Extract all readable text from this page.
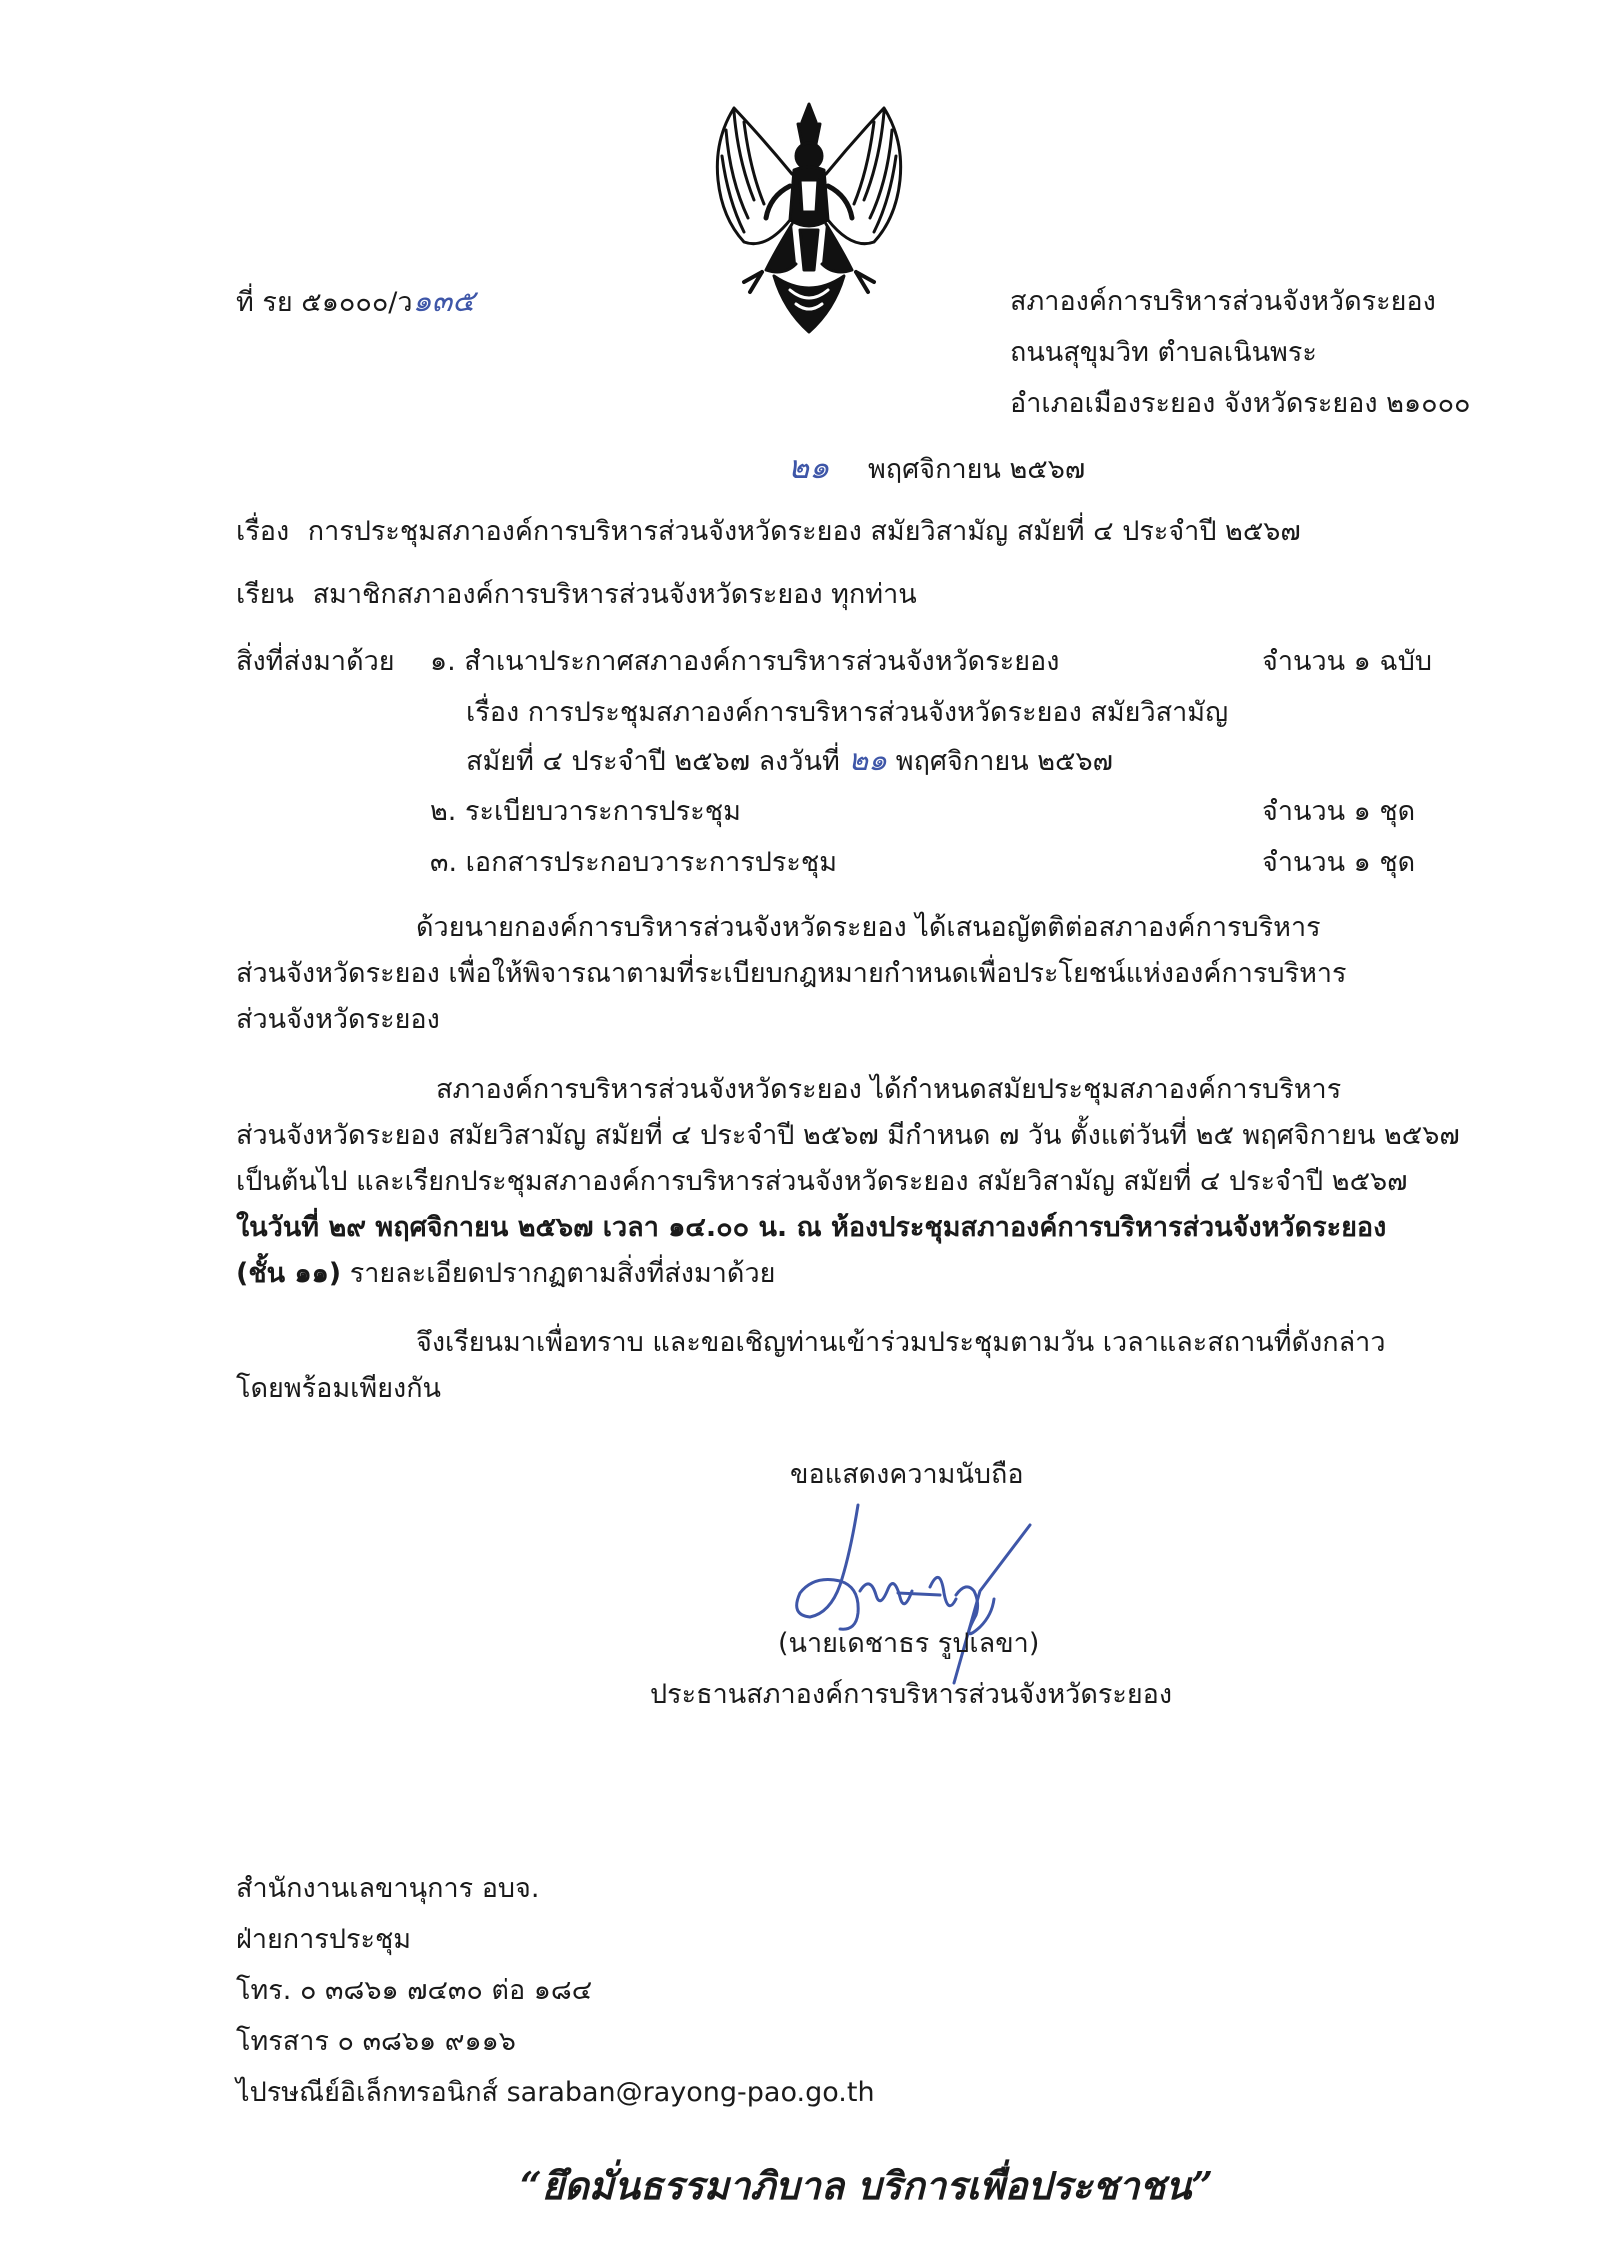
ที่ รย ๕๑๐๐๐/ว๑๓๕	สภาองค์การบริหารส่วนจังหวัดระยอง
ถนนสุขุมวิท ตำบลเนินพระ
อำเภอเมืองระยอง จังหวัดระยอง ๒๑๐๐๐
๒๑ พฤศจิกายน ๒๕๖๗
เรื่อง การประชุมสภาองค์การบริหารส่วนจังหวัดระยอง สมัยวิสามัญ สมัยที่ ๔ ประจำปี ๒๕๖๗
เรียน สมาชิกสภาองค์การบริหารส่วนจังหวัดระยอง ทุกท่าน
สิ่งที่ส่งมาด้วย ๑. สำเนาประกาศสภาองค์การบริหารส่วนจังหวัดระยอง	จำนวน ๑ ฉบับ
เรื่อง การประชุมสภาองค์การบริหารส่วนจังหวัดระยอง สมัยวิสามัญ
สมัยที่ ๔ ประจำปี ๒๕๖๗ ลงวันที่ ๒๑ พฤศจิกายน ๒๕๖๗
๒. ระเบียบวาระการประชุม	จำนวน ๑ ชุด
๓. เอกสารประกอบวาระการประชุม	จำนวน ๑ ชุด
ด้วยนายกองค์การบริหารส่วนจังหวัดระยอง ได้เสนอญัตติต่อสภาองค์การบริหาร
ส่วนจังหวัดระยอง เพื่อให้พิจารณาตามที่ระเบียบกฎหมายกำหนดเพื่อประโยชน์แห่งองค์การบริหาร
ส่วนจังหวัดระยอง
สภาองค์การบริหารส่วนจังหวัดระยอง ได้กำหนดสมัยประชุมสภาองค์การบริหาร
ส่วนจังหวัดระยอง สมัยวิสามัญ สมัยที่ ๔ ประจำปี ๒๕๖๗ มีกำหนด ๗ วัน ตั้งแต่วันที่ ๒๕ พฤศจิกายน ๒๕๖๗
เป็นต้นไป และเรียกประชุมสภาองค์การบริหารส่วนจังหวัดระยอง สมัยวิสามัญ สมัยที่ ๔ ประจำปี ๒๕๖๗
ในวันที่ ๒๙ พฤศจิกายน ๒๕๖๗ เวลา ๑๔.๐๐ น. ณ ห้องประชุมสภาองค์การบริหารส่วนจังหวัดระยอง
(ชั้น ๑๑) รายละเอียดปรากฏตามสิ่งที่ส่งมาด้วย
จึงเรียนมาเพื่อทราบ และขอเชิญท่านเข้าร่วมประชุมตามวัน เวลาและสถานที่ดังกล่าว
โดยพร้อมเพียงกัน
ขอแสดงความนับถือ
(นายเดชาธร รูปเลขา)
ประธานสภาองค์การบริหารส่วนจังหวัดระยอง
สำนักงานเลขานุการ อบจ.
ฝ่ายการประชุม
โทร. ๐ ๓๘๖๑ ๗๔๓๐ ต่อ ๑๘๔
โทรสาร ๐ ๓๘๖๑ ๙๑๑๖
ไปรษณีย์อิเล็กทรอนิกส์ saraban@rayong-pao.go.th
“ยึดมั่นธรรมาภิบาล บริการเพื่อประชาชน”
